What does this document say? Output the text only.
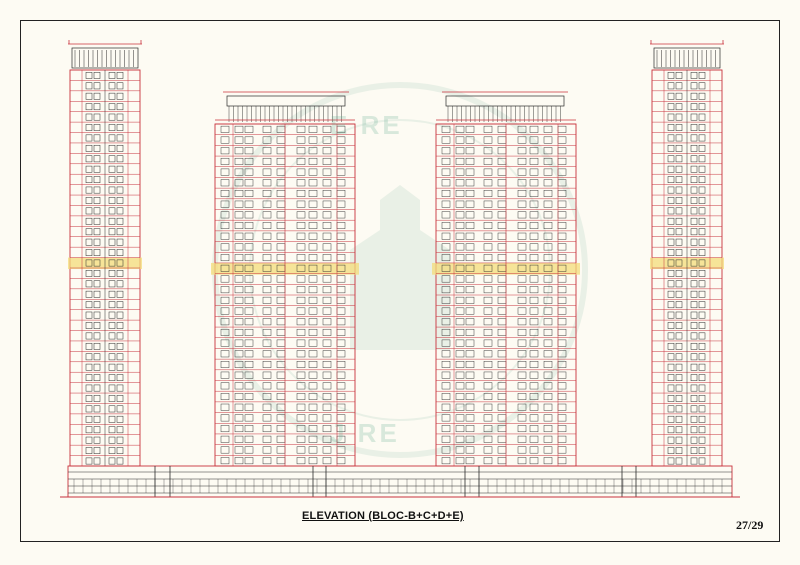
E RE
J RE
ELEVATION (BLOC-B+C+D+E)
27/29
